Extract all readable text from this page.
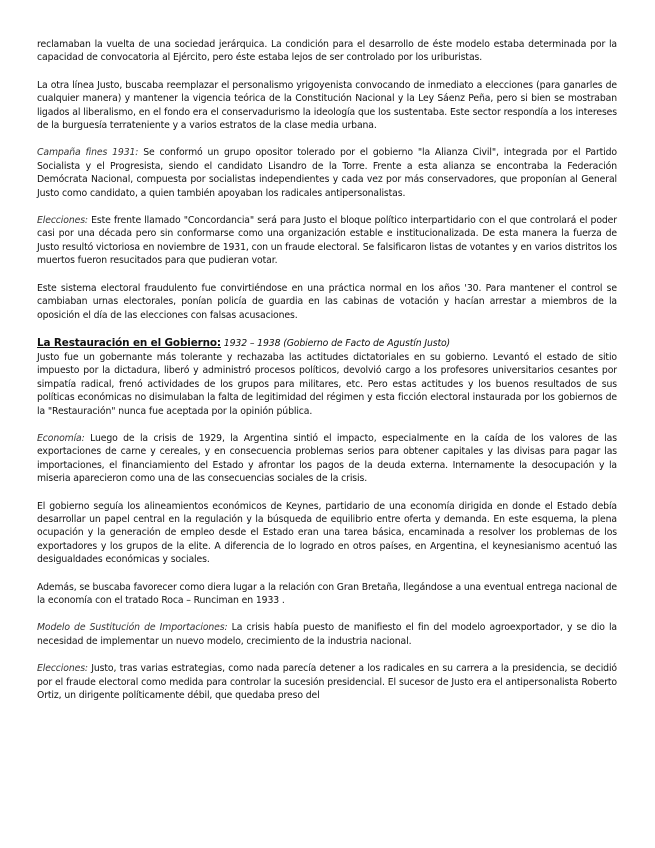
reclamaban la vuelta de una sociedad jerárquica. La condición para el desarrollo de éste modelo estaba determinada por la capacidad de convocatoria al Ejército, pero éste estaba lejos de ser controlado por los uriburistas.

La otra línea Justo, buscaba reemplazar el personalismo yrigoyenista convocando de inmediato a elecciones (para ganarles de cualquier manera) y mantener la vigencia teórica de la Constitución Nacional y la Ley Sáenz Peña, pero si bien se mostraban ligados al liberalismo, en el fondo era el conservadurismo la ideología que los sustentaba. Este sector respondía a los intereses de la burguesía terrateniente y a varios estratos de la clase media urbana.

Campaña fines 1931: Se conformó un grupo opositor tolerado por el gobierno "la Alianza Civil", integrada por el Partido Socialista y el Progresista, siendo el candidato Lisandro de la Torre. Frente a esta alianza se encontraba la Federación Demócrata Nacional, compuesta por socialistas independientes y cada vez por más conservadores, que proponían al General Justo como candidato, a quien también apoyaban los radicales antipersonalistas.

Elecciones: Este frente llamado "Concordancia" será para Justo el bloque político interpartidario con el que controlará el poder casi por una década pero sin conformarse como una organización estable e institucionalizada. De esta manera la fuerza de Justo resultó victoriosa en noviembre de 1931, con un fraude electoral. Se falsificaron listas de votantes y en varios distritos los muertos fueron resucitados para que pudieran votar.

Este sistema electoral fraudulento fue convirtiéndose en una práctica normal en los años '30. Para mantener el control se cambiaban urnas electorales, ponían policía de guardia en las cabinas de votación y hacían arrestar a miembros de la oposición el día de las elecciones con falsas acusaciones.

La Restauración en el Gobierno: 1932 – 1938 (Gobierno de Facto de Agustín Justo)

Justo fue un gobernante más tolerante y rechazaba las actitudes dictatoriales en su gobierno. Levantó el estado de sitio impuesto por la dictadura, liberó y administró procesos políticos, devolvió cargo a los profesores universitarios cesantes por simpatía radical, frenó actividades de los grupos para militares, etc. Pero estas actitudes y los buenos resultados de sus políticas económicas no disimulaban la falta de legitimidad del régimen y esta ficción electoral instaurada por los gobiernos de la "Restauración" nunca fue aceptada por la opinión pública.

Economía: Luego de la crisis de 1929, la Argentina sintió el impacto, especialmente en la caída de los valores de las exportaciones de carne y cereales, y en consecuencia problemas serios para obtener capitales y las divisas para pagar las importaciones, el financiamiento del Estado y afrontar los pagos de la deuda externa. Internamente la desocupación y la miseria aparecieron como una de las consecuencias sociales de la crisis.

El gobierno seguía los alineamientos económicos de Keynes, partidario de una economía dirigida en donde el Estado debía desarrollar un papel central en la regulación y la búsqueda de equilibrio entre oferta y demanda. En este esquema, la plena ocupación y la generación de empleo desde el Estado eran una tarea básica, encaminada a resolver los problemas de los exportadores y los grupos de la elite. A diferencia de lo logrado en otros países, en Argentina, el keynesianismo acentuó las desigualdades económicas y sociales.

Además, se buscaba favorecer como diera lugar a la relación con Gran Bretaña, llegándose a una eventual entrega nacional de la economía con el tratado Roca – Runciman en 1933 .

Modelo de Sustitución de Importaciones: La crisis había puesto de manifiesto el fin del modelo agroexportador, y se dio la necesidad de implementar un nuevo modelo, crecimiento de la industria nacional.

Elecciones: Justo, tras varias estrategias, como nada parecía detener a los radicales en su carrera a la presidencia, se decidió por el fraude electoral como medida para controlar la sucesión presidencial. El sucesor de Justo era el antipersonalista Roberto Ortiz, un dirigente políticamente débil, que quedaba preso del
